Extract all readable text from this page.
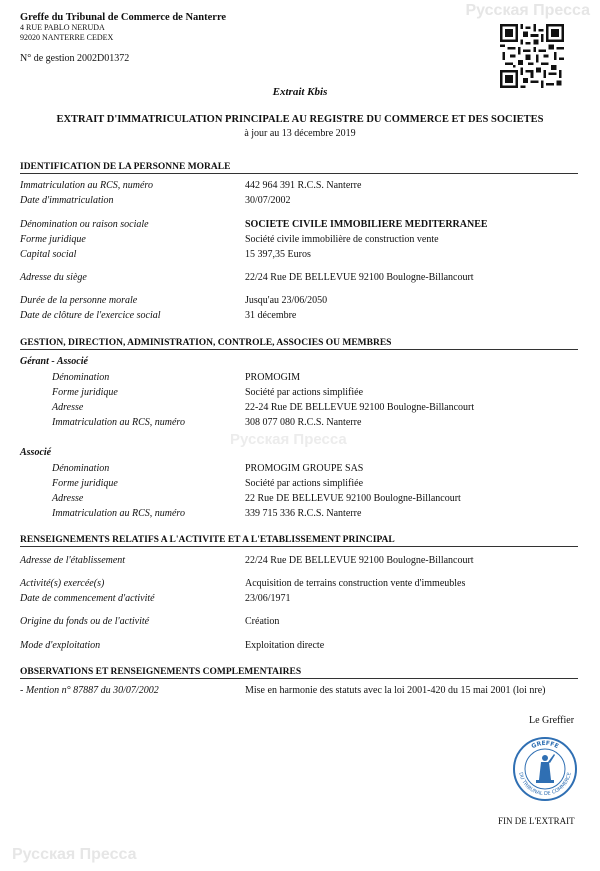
Русская Пресса
Русская Пресса
Русская Пресса
Greffe du Tribunal de Commerce de Nanterre
4 RUE PABLO NERUDA
92020 NANTERRE CEDEX
N° de gestion 2002D01372
Extrait Kbis
EXTRAIT D'IMMATRICULATION PRINCIPALE AU REGISTRE DU COMMERCE ET DES SOCIETES
à jour au 13 décembre 2019
IDENTIFICATION DE LA PERSONNE MORALE
Immatriculation au RCS, numéro	442 964 391 R.C.S. Nanterre
Date d'immatriculation	30/07/2002
Dénomination ou raison sociale	SOCIETE CIVILE IMMOBILIERE MEDITERRANEE
Forme juridique	Société civile immobilière de construction vente
Capital social	15 397,35 Euros
Adresse du siège	22/24 Rue DE BELLEVUE 92100 Boulogne-Billancourt
Durée de la personne morale	Jusqu'au 23/06/2050
Date de clôture de l'exercice social	31 décembre
GESTION, DIRECTION, ADMINISTRATION, CONTROLE, ASSOCIES OU MEMBRES
Gérant - Associé
Dénomination	PROMOGIM
Forme juridique	Société par actions simplifiée
Adresse	22-24 Rue DE BELLEVUE 92100 Boulogne-Billancourt
Immatriculation au RCS, numéro	308 077 080 R.C.S. Nanterre
Associé
Dénomination	PROMOGIM GROUPE SAS
Forme juridique	Société par actions simplifiée
Adresse	22 Rue DE BELLEVUE 92100 Boulogne-Billancourt
Immatriculation au RCS, numéro	339 715 336 R.C.S. Nanterre
RENSEIGNEMENTS RELATIFS A L'ACTIVITE ET A L'ETABLISSEMENT PRINCIPAL
Adresse de l'établissement	22/24 Rue DE BELLEVUE 92100 Boulogne-Billancourt
Activité(s) exercée(s)	Acquisition de terrains construction vente d'immeubles
Date de commencement d'activité	23/06/1971
Origine du fonds ou de l'activité	Création
Mode d'exploitation	Exploitation directe
OBSERVATIONS ET RENSEIGNEMENTS COMPLEMENTAIRES
- Mention n° 87887 du 30/07/2002	Mise en harmonie des statuts avec la loi 2001-420 du 15 mai 2001 (loi nre)
Le Greffier
GREFFE
DU TRIBUNAL DE COMMERCE
FIN DE L'EXTRAIT
